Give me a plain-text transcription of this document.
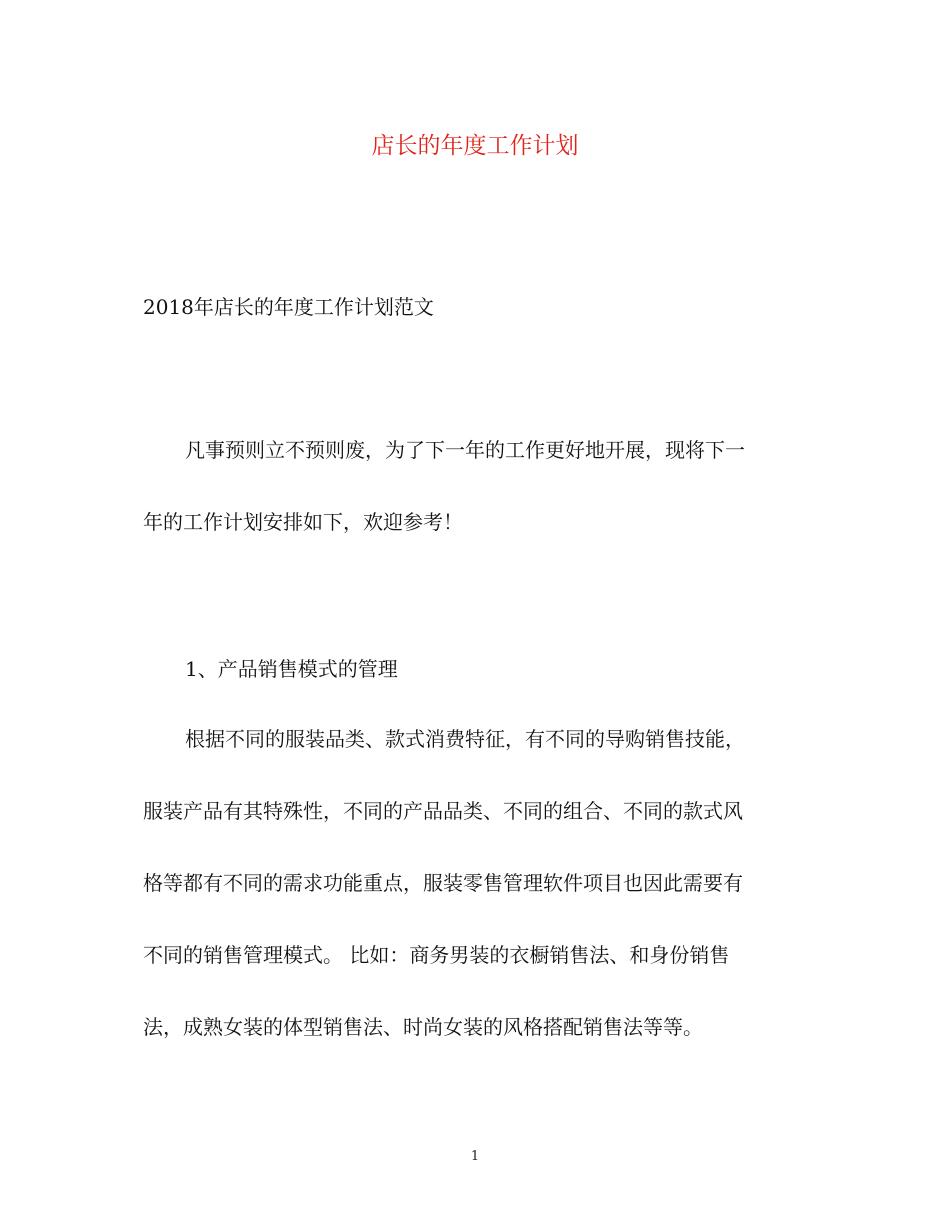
店长的年度工作计划
2018年店长的年度工作计划范文
凡事预则立不预则废，为了下一年的工作更好地开展，现将下一
年的工作计划安排如下，欢迎参考！
1、产品销售模式的管理
根据不同的服装品类、款式消费特征，有不同的导购销售技能，
服装产品有其特殊性，不同的产品品类、不同的组合、不同的款式风
格等都有不同的需求功能重点，服装零售管理软件项目也因此需要有
不同的销售管理模式。 比如：商务男装的衣橱销售法、和身份销售
法，成熟女装的体型销售法、时尚女装的风格搭配销售法等等。
1
